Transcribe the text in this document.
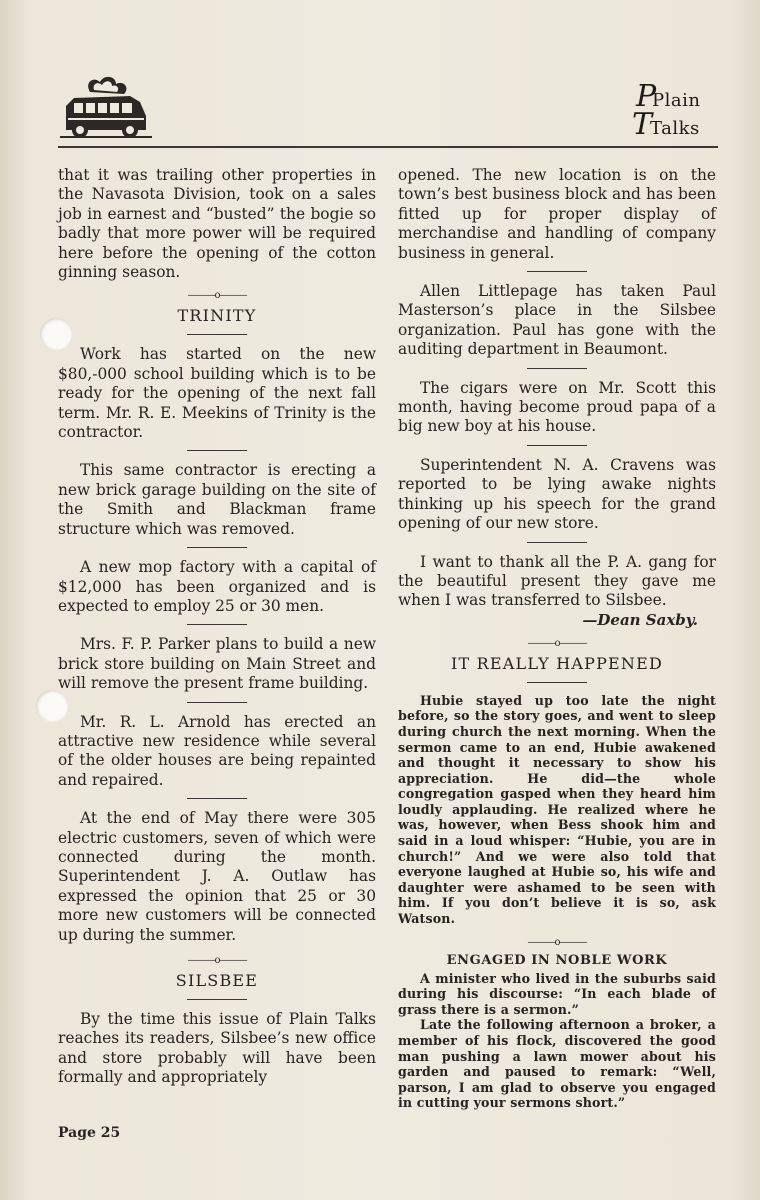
P
Plain
T
Talks

that it was trailing other properties in the Navasota Division, took on a sales job in earnest and “busted” the bogie so badly that more power will be required here before the opening of the cotton ginning season.

———o———
TRINITY

Work has started on the new $80,-000 school building which is to be ready for the opening of the next fall term. Mr. R. E. Meekins of Trinity is the contractor.

This same contractor is erecting a new brick garage building on the site of the Smith and Blackman frame structure which was removed.

A new mop factory with a capital of $12,000 has been organized and is expected to employ 25 or 30 men.

Mrs. F. P. Parker plans to build a new brick store building on Main Street and will remove the present frame building.

Mr. R. L. Arnold has erected an attractive new residence while several of the older houses are being repainted and repaired.

At the end of May there were 305 electric customers, seven of which were connected during the month. Superintendent J. A. Outlaw has expressed the opinion that 25 or 30 more new customers will be connected up during the summer.

———o———
SILSBEE

By the time this issue of Plain Talks reaches its readers, Silsbee’s new office and store probably will have been formally and appropriately

opened. The new location is on the town’s best business block and has been fitted up for proper display of merchandise and handling of company business in general.

Allen Littlepage has taken Paul Masterson’s place in the Silsbee organization. Paul has gone with the auditing department in Beaumont.

The cigars were on Mr. Scott this month, having become proud papa of a big new boy at his house.

Superintendent N. A. Cravens was reported to be lying awake nights thinking up his speech for the grand opening of our new store.

I want to thank all the P. A. gang for the beautiful present they gave me when I was transferred to Silsbee.

—Dean Saxby.
———o———
IT REALLY HAPPENED

Hubie stayed up too late the night before, so the story goes, and went to sleep during church the next morning. When the sermon came to an end, Hubie awakened and thought it necessary to show his appreciation. He did—the whole congregation gasped when they heard him loudly applauding. He realized where he was, however, when Bess shook him and said in a loud whisper: “Hubie, you are in church!” And we were also told that everyone laughed at Hubie so, his wife and daughter were ashamed to be seen with him. If you don’t believe it is so, ask Watson.

———o———
ENGAGED IN NOBLE WORK

A minister who lived in the suburbs said during his discourse: “In each blade of grass there is a sermon.”

Late the following afternoon a broker, a member of his flock, discovered the good man pushing a lawn mower about his garden and paused to remark: “Well, parson, I am glad to observe you engaged in cutting your sermons short.”

Page 25
